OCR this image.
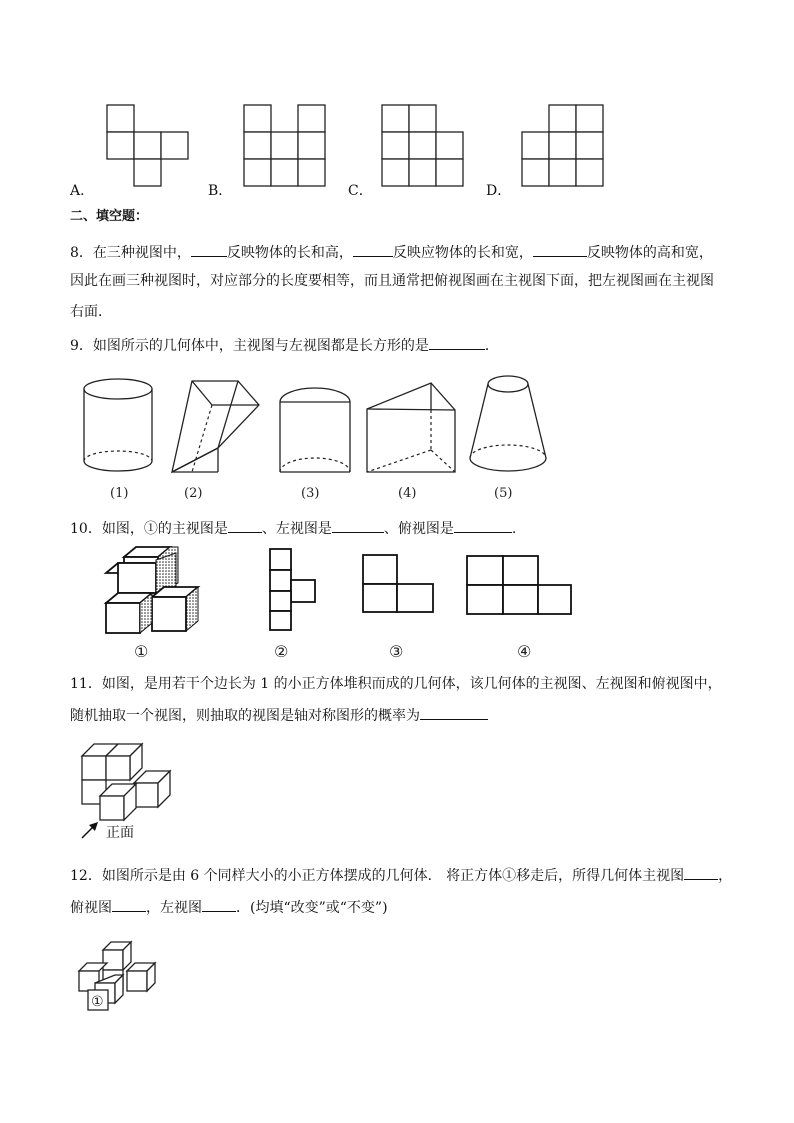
A．	B．	C．	D．
二、填空题：
8．在三种视图中，	反映物体的长和高，	反映应物体的长和宽，	反映物体的高和宽，
因此在画三种视图时，对应部分的长度要相等，而且通常把俯视图画在主视图下面，把左视图画在主视图
右面．
9．如图所示的几何体中，主视图与左视图都是长方形的是	．
(1)	(2)	(3)	(4)	(5)
10．如图，①的主视图是 、左视图是	、俯视图是	.
①	②	③	④
11．如图，是用若干个边长为 1 的小正方体堆积而成的几何体，该几何体的主视图、左视图和俯视图中，
随机抽取一个视图，则抽取的视图是轴对称图形的概率为
正面
12．如图所示是由 6 个同样大小的小正方体摆成的几何体． 将正方体①移走后，所得几何体主视图 ，
俯视图 ，左视图 ．(均填“改变”或“不变”)
①
